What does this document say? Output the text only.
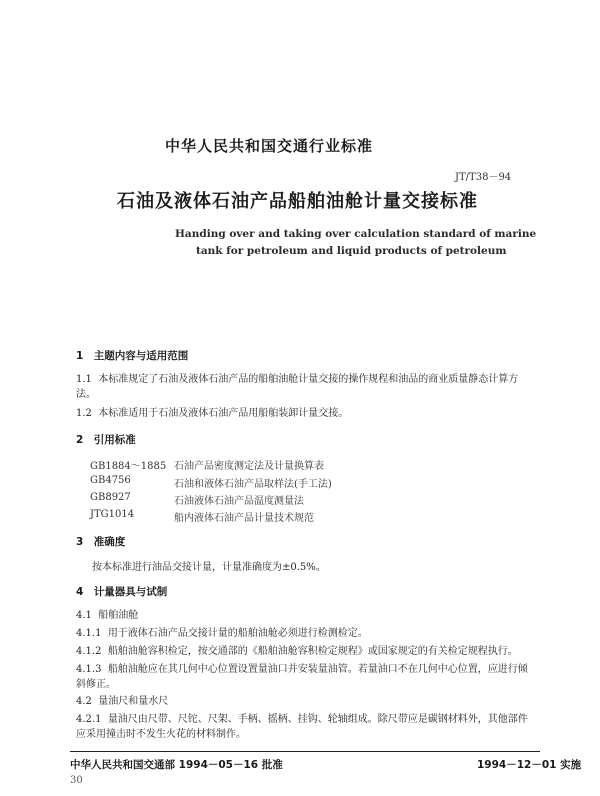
中华人民共和国交通行业标准
JT/T38－94
石油及液体石油产品船舶油舱计量交接标准
Handing over and taking over calculation standard of marine
tank for petroleum and liquid products of petroleum
1　主题内容与适用范围
1.1 本标准规定了石油及液体石油产品的船舶油舱计量交接的操作规程和油品的商业质量静态计算方法。
1.2 本标准适用于石油及液体石油产品用船舶装卸计量交接。
2　引用标准
GB1884～1885 石油产品密度测定法及计量换算表
GB4756	石油和液体石油产品取样法(手工法)
GB8927	石油液体石油产品温度测量法
JTG1014	船内液体石油产品计量技术规范
3　准确度
按本标准进行油品交接计量，计量准确度为±0.5%。
4　计量器具与试制
4.1 船舶油舱
4.1.1 用于液体石油产品交接计量的船舶油舱必须进行检测检定。
4.1.2 船舶油舱容积检定，按交通部的《船舶油舱容积检定规程》或国家规定的有关检定规程执行。
4.1.3 船舶油舱应在其几何中心位置设置量油口并安装量油管。若量油口不在几何中心位置，应进行倾斜修正。
4.2 量油尺和量水尺
4.2.1 量油尺由尺带、尺铊、尺架、手柄、摇柄、挂钩、轮轴组成。除尺带应是碳钢材料外，其他部件应采用撞击时不发生火花的材料制作。
中华人民共和国交通部 1994－05－16 批准	1994－12－01 实施
30
